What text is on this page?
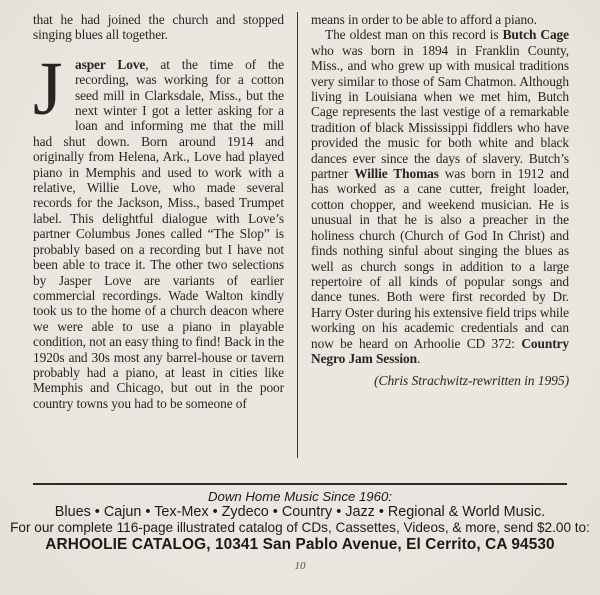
that he had joined the church and stopped singing blues all together.

Jasper Love, at the time of the recording, was working for a cotton seed mill in Clarksdale, Miss., but the next winter I got a letter asking for a loan and informing me that the mill had shut down. Born around 1914 and originally from Helena, Ark., Love had played piano in Memphis and used to work with a relative, Willie Love, who made several records for the Jackson, Miss., based Trumpet label. This delightful dialogue with Love’s partner Columbus Jones called “The Slop” is probably based on a recording but I have not been able to trace it. The other two selections by Jasper Love are variants of earlier commercial recordings. Wade Walton kindly took us to the home of a church deacon where we were able to use a piano in playable condition, not an easy thing to find! Back in the 1920s and 30s most any barrel-house or tavern probably had a piano, at least in cities like Memphis and Chicago, but out in the poor country towns you had to be someone of

means in order to be able to afford a piano.

The oldest man on this record is Butch Cage who was born in 1894 in Franklin County, Miss., and who grew up with musical traditions very similar to those of Sam Chatmon. Although living in Louisiana when we met him, Butch Cage represents the last vestige of a remarkable tradition of black Mississippi fiddlers who have provided the music for both white and black dances ever since the days of slavery. Butch’s partner Willie Thomas was born in 1912 and has worked as a cane cutter, freight loader, cotton chopper, and weekend musician. He is unusual in that he is also a preacher in the holiness church (Church of God In Christ) and finds nothing sinful about singing the blues as well as church songs in addition to a large repertoire of all kinds of popular songs and dance tunes. Both were first recorded by Dr. Harry Oster during his extensive field trips while working on his academic credentials and can now be heard on Arhoolie CD 372: Country Negro Jam Session.

(Chris Strachwitz-rewritten in 1995)

Down Home Music Since 1960:
Blues • Cajun • Tex-Mex • Zydeco • Country • Jazz • Regional & World Music.
For our complete 116-page illustrated catalog of CDs, Cassettes, Videos, & more, send $2.00 to:
ARHOOLIE CATALOG, 10341 San Pablo Avenue, El Cerrito, CA 94530
10
